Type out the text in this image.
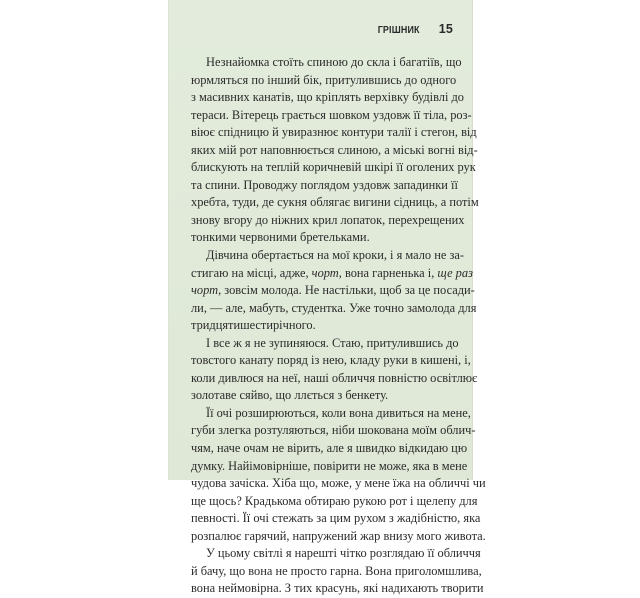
ГРІШНИК 15
Незнайомка стоїть спиною до скла і багатіїв, що
юрмляться по інший бік, притулившись до одного
з масивних канатів, що кріплять верхівку будівлі до
тераси. Вітерець грається шовком уздовж її тіла, роз-
віює спідницю й увиразнює контури талії і стегон, від
яких мій рот наповнюється слиною, а міські вогні від-
блискують на теплій коричневій шкірі її оголених рук
та спини. Проводжу поглядом уздовж западинки її
хребта, туди, де сукня облягає вигини сідниць, а потім
знову вгору до ніжних крил лопаток, перехрещених
тонкими червоними бретельками.
Дівчина обертається на мої кроки, і я мало не за-
стигаю на місці, адже, чорт, вона гарненька і, ще раз
чорт, зовсім молода. Не настільки, щоб за це посади-
ли, — але, мабуть, студентка. Уже точно замолода для
тридцятишестирічного.
І все ж я не зупиняюся. Стаю, притулившись до
товстого канату поряд із нею, кладу руки в кишені, і,
коли дивлюся на неї, наші обличчя повністю освітлює
золотаве сяйво, що ллється з бенкету.
Її очі розширюються, коли вона дивиться на мене,
губи злегка розтуляються, ніби шокована моїм облич-
чям, наче очам не вірить, але я швидко відкидаю цю
думку. Найімовірніше, повірити не може, яка в мене
чудова зачіска. Хіба що, може, у мене їжа на обличчі чи
ще щось? Крадькома обтираю рукою рот і щелепу для
певності. Її очі стежать за цим рухом з жадібністю, яка
розпалює гарячий, напружений жар внизу мого живота.
У цьому світлі я нарешті чітко розглядаю її обличчя
й бачу, що вона не просто гарна. Вона приголомшлива,
вона неймовірна. З тих красунь, які надихають творити
